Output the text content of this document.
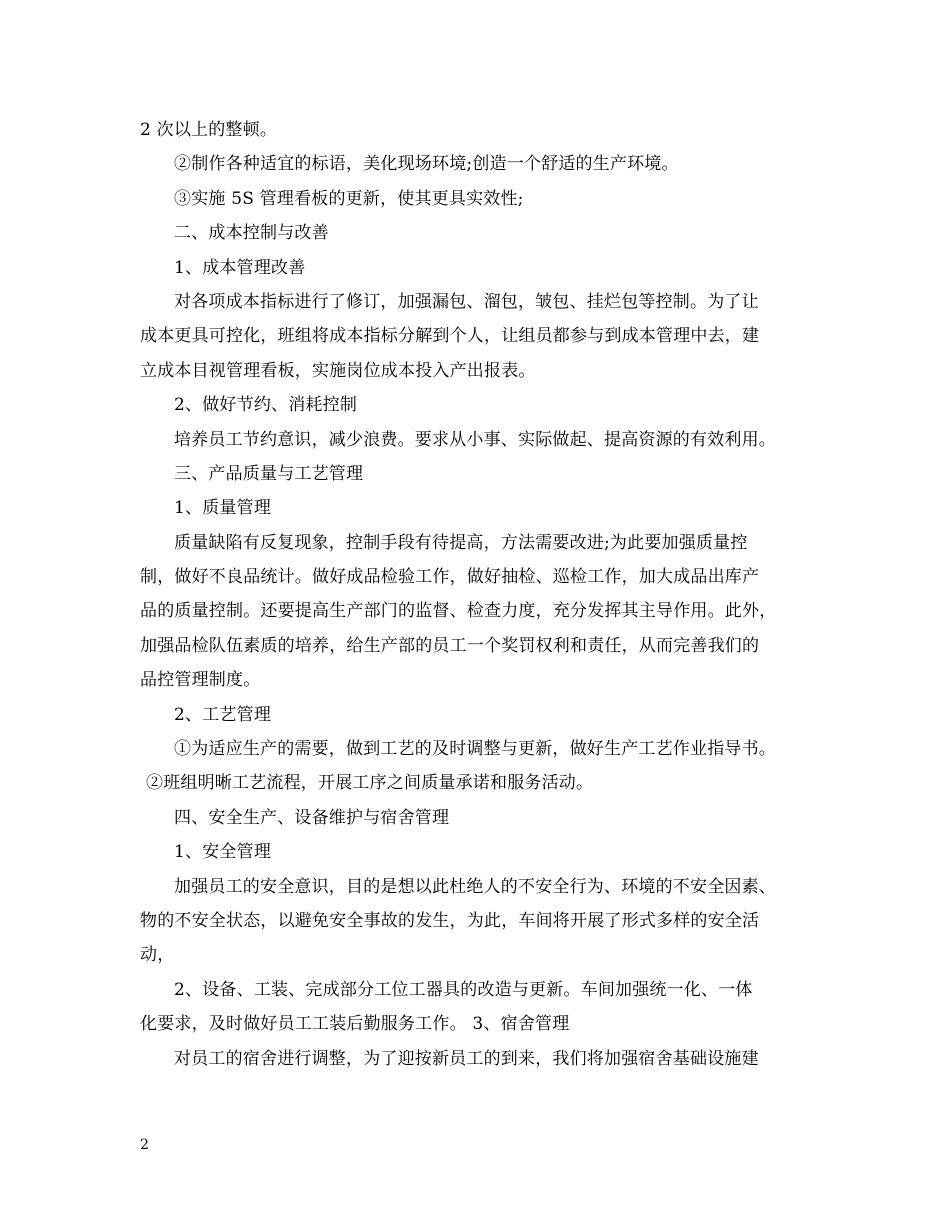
2 次以上的整顿。
②制作各种适宜的标语，美化现场环境;创造一个舒适的生产环境。
③实施 5S 管理看板的更新，使其更具实效性;
二、成本控制与改善
1、成本管理改善
对各项成本指标进行了修订，加强漏包、溜包，皱包、挂烂包等控制。为了让
成本更具可控化，班组将成本指标分解到个人，让组员都参与到成本管理中去，建
立成本目视管理看板，实施岗位成本投入产出报表。
2、做好节约、消耗控制
培养员工节约意识，减少浪费。要求从小事、实际做起、提高资源的有效利用。
三、产品质量与工艺管理
1、质量管理
质量缺陷有反复现象，控制手段有待提高，方法需要改进;为此要加强质量控
制，做好不良品统计。做好成品检验工作，做好抽检、巡检工作，加大成品出库产
品的质量控制。还要提高生产部门的监督、检查力度，充分发挥其主导作用。此外，
加强品检队伍素质的培养，给生产部的员工一个奖罚权利和责任，从而完善我们的
品控管理制度。
2、工艺管理
①为适应生产的需要，做到工艺的及时调整与更新，做好生产工艺作业指导书。
②班组明晰工艺流程，开展工序之间质量承诺和服务活动。
四、安全生产、设备维护与宿舍管理
1、安全管理
加强员工的安全意识，目的是想以此杜绝人的不安全行为、环境的不安全因素、
物的不安全状态，以避免安全事故的发生，为此，车间将开展了形式多样的安全活
动，
2、设备、工装、完成部分工位工器具的改造与更新。车间加强统一化、一体
化要求，及时做好员工工装后勤服务工作。 3、宿舍管理
对员工的宿舍进行调整，为了迎按新员工的到来，我们将加强宿舍基础设施建
2
